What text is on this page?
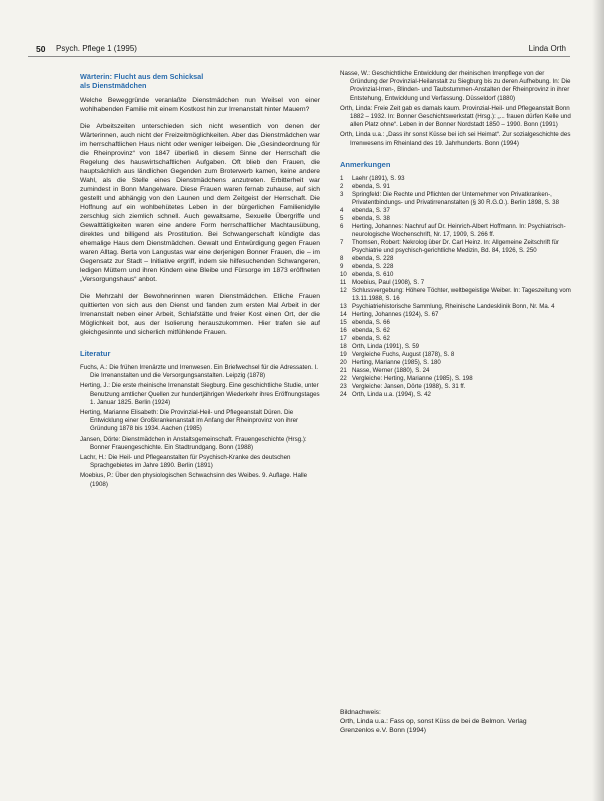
50 Psych. Pflege 1 (1995)	Linda Orth
Wärterin: Flucht aus dem Schicksal
als Dienstmädchen

Welche Beweggründe veranlaßte Dienstmädchen nun Weilsel von einer wohlhabenden Familie mit einem Kostkost hin zur Irrenanstalt hinter Mauern?

Die Arbeitszeiten unterschieden sich nicht wesentlich von denen der Wärterinnen, auch nicht der Freizeitmöglichkeiten. Aber das Dienstmädchen war im herrschaftlichen Haus nicht oder weniger leibeigen. Die „Gesindeordnung für die Rheinprovinz“ von 1847 überließ in diesem Sinne der Herrschaft die Regelung des hauswirtschaftlichen Aufgaben. Oft blieb den Frauen, die hauptsächlich aus ländlichen Gegenden zum Broterwerb kamen, keine andere Wahl, als die Stelle eines Dienstmädchens anzutreten. Erbitterheit war zumindest in Bonn Mangelware. Diese Frauen waren fernab zuhause, auf sich gestellt und abhängig von den Launen und dem Zeitgeist der Herrschaft. Die Hoffnung auf ein wohlbehütetes Leben in der bürgerlichen Familienidylle zerschlug sich ziemlich schnell. Auch gewaltsame, Sexuelle Übergriffe und Gewalttätigkeiten waren eine andere Form herrschaftlicher Machtausübung, direktes und billigend als Prostitution. Bei Schwangerschaft kündigte das ehemalige Haus dem Dienstmädchen. Gewalt und Entwürdigung gegen Frauen waren Alltag. Berta von Langustas war eine derjenigen Bonner Frauen, die – im Gegensatz zur Stadt – Initiative ergriff, indem sie hilfesuchenden Schwangeren, ledigen Müttern und ihren Kindern eine Bleibe und Fürsorge im 1873 eröffneten „Versorgungshaus“ anbot.

Die Mehrzahl der Bewohnerinnen waren Dienstmädchen. Etliche Frauen quittierten von sich aus den Dienst und fanden zum ersten Mal Arbeit in der Irrenanstalt neben einer Arbeit, Schlafstätte und freier Kost einen Ort, der die Möglichkeit bot, aus der Isolierung herauszukommen. Hier trafen sie auf gleichgesinnte und sicherlich mitfühlende Frauen.

Literatur
Fuchs, A.: Die frühen Irrenärzte und Irrenwesen. Ein Briefwechsel für die Adressaten. I. Die Irrenanstalten und die Versorgungsanstalten. Leipzig (1878)
Herting, J.: Die erste rheinische Irrenanstalt Siegburg. Eine geschichtliche Studie, unter Benutzung amtlicher Quellen zur hundertjährigen Wiederkehr ihres Eröffnungstages 1. Januar 1825. Berlin (1924)
Herting, Marianne Elisabeth: Die Provinzial-Heil- und Pflegeanstalt Düren. Die Entwicklung einer Großkrankenanstalt im Anfang der Rheinprovinz von ihrer Gründung 1878 bis 1934. Aachen (1985)
Jansen, Dörte: Dienstmädchen in Anstaltsgemeinschaft. Frauengeschichte (Hrsg.): Bonner Frauengeschichte. Ein Stadtrundgang. Bonn (1988)
Lachr, H.: Die Heil- und Pflegeanstalten für Psychisch-Kranke des deutschen Sprachgebietes im Jahre 1890. Berlin (1891)
Moebius, P.: Über den physiologischen Schwachsinn des Weibes. 9. Auflage. Halle (1908)
Nasse, W.: Geschichtliche Entwicklung der rheinischen Irrenpflege von der Gründung der Provinzial-Heilanstalt zu Siegburg bis zu deren Aufhebung. In: Die Provinzial-Irren-, Blinden- und Taubstummen-Anstalten der Rheinprovinz in ihrer Entstehung, Entwicklung und Verfassung. Düsseldorf (1880)
Orth, Linda: Freie Zeit gab es damals kaum. Provinzial-Heil- und Pflegeanstalt Bonn 1882 – 1932. In: Bonner Geschichtswerkstatt (Hrsg.): „... frauen dürfen Kelle und allen Platz ohne“. Leben in der Bonner Nordstadt 1850 – 1990. Bonn (1991)
Orth, Linda u.a.: „Dass ihr sonst Küsse bei ich sei Heimat“. Zur sozialgeschichte des Irrenwesens im Rheinland des 19. Jahrhunderts. Bonn (1994)
Anmerkungen
1	Laehr (1891), S. 93
2	ebenda, S. 91
3	Springfeld: Die Rechte und Pflichten der Unternehmer von Privatkranken-, Privatentbindungs- und Privatirrenanstalten (§ 30 R.G.O.). Berlin 1898, S. 38
4	ebenda, S. 37
5	ebenda, S. 38
6	Herting, Johannes: Nachruf auf Dr. Heinrich-Albert Hoffmann. In: Psychiatrisch-neurologische Wochenschrift, Nr. 17, 1909, S. 266 ff.
7	Thomsen, Robert: Nekrolog über Dr. Carl Heinz. In: Allgemeine Zeitschrift für Psychiatrie und psychisch-gerichtliche Medizin, Bd. 84, 1926, S. 250
8	ebenda, S. 228
9	ebenda, S. 228
10 ebenda, S. 610
11 Moebius, Paul (1908), S. 7
12 Schlussvergebung: Höhere Töchter, weltbegeistige Weiber. In: Tageszeitung vom 13.11.1988, S. 16
13 Psychiatriehistorische Sammlung, Rheinische Landesklinik Bonn, Nr. Ma. 4
14 Herting, Johannes (1924), S. 67
15 ebenda, S. 66
16 ebenda, S. 62
17 ebenda, S. 62
18 Orth, Linda (1991), S. 59
19 Vergleiche Fuchs, August (1878), S. 8
20 Herting, Marianne (1985), S. 180
21 Nasse, Werner (1880), S. 24
22 Vergleiche: Herting, Marianne (1985), S. 198
23 Vergleiche: Jansen, Dörte (1988), S. 31 ff.
24 Orth, Linda u.a. (1994), S. 42
Bildnachweis:
Orth, Linda u.a.: Fass op, sonst Küss de bei de Belmon. Verlag
Grenzenlos e.V. Bonn (1994)
